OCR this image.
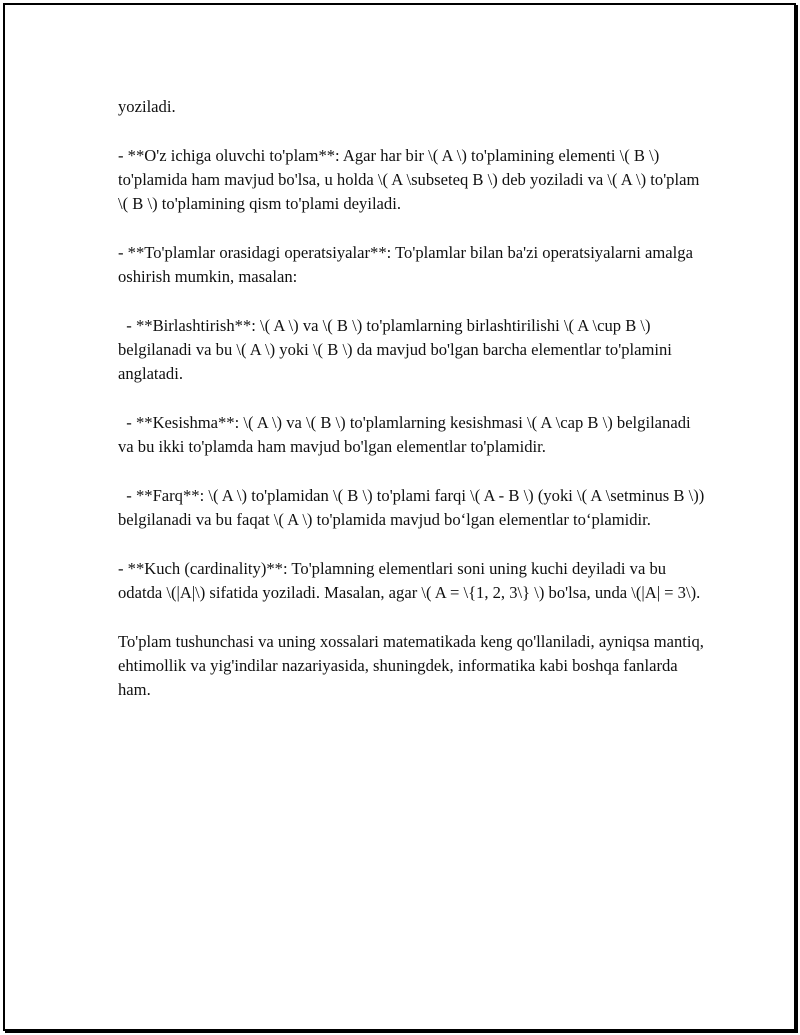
yoziladi.

- **O'z ichiga oluvchi to'plam**: Agar har bir \( A \) to'plamining elementi \( B \) to'plamida ham mavjud bo'lsa, u holda \( A \subseteq B \) deb yoziladi va \( A \) to'plam \( B \) to'plamining qism to'plami deyiladi.

- **To'plamlar orasidagi operatsiyalar**: To'plamlar bilan ba'zi operatsiyalarni amalga oshirish mumkin, masalan:

- **Birlashtirish**: \( A \) va \( B \) to'plamlarning birlashtirilishi \( A \cup B \) belgilanadi va bu \( A \) yoki \( B \) da mavjud bo'lgan barcha elementlar to'plamini anglatadi.

- **Kesishma**: \( A \) va \( B \) to'plamlarning kesishmasi \( A \cap B \) belgilanadi va bu ikki to'plamda ham mavjud bo'lgan elementlar to'plamidir.

- **Farq**: \( A \) to'plamidan \( B \) to'plami farqi \( A - B \) (yoki \( A \setminus B \)) belgilanadi va bu faqat \( A \) to'plamida mavjud bo‘lgan elementlar to‘plamidir.

- **Kuch (cardinality)**: To'plamning elementlari soni uning kuchi deyiladi va bu odatda \(|A|\) sifatida yoziladi. Masalan, agar \( A = \{1, 2, 3\} \) bo'lsa, unda \(|A| = 3\).

To'plam tushunchasi va uning xossalari matematikada keng qo'llaniladi, ayniqsa mantiq, ehtimollik va yig'indilar nazariyasida, shuningdek, informatika kabi boshqa fanlarda ham.
